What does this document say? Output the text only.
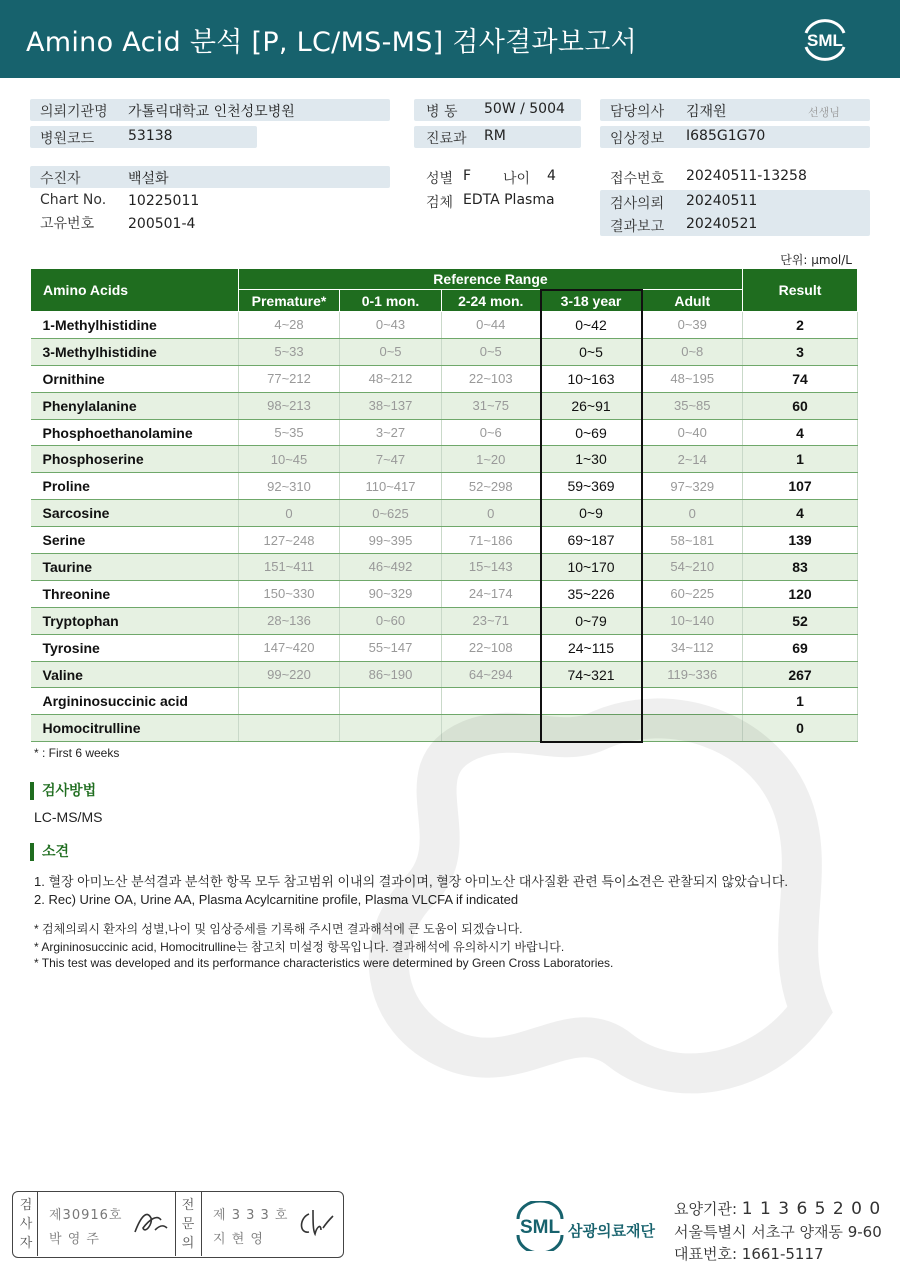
Amino Acid 분석 [P, LC/MS-MS] 검사결과보고서	SML
의뢰기관명 가톨릭대학교 인천성모병원
병원코드 53138
병 동 50W / 5004
진료과 RM
담당의사 김재원	선생님
임상정보 I685G1G70
수진자	백설화
Chart No. 10225011
고유번호 200501-4
성별 F 나이 4
검체 EDTA Plasma
접수번호 20240511-13258
검사의뢰 20240511
결과보고 20240521
단위: μmol/L
Amino Acids	Reference Range					Result
	Premature*	0-1 mon.	2-24 mon.	3-18 year	Adult	
1-Methylhistidine	4~28	0~43	0~44	0~42	0~39	2
3-Methylhistidine	5~33	0~5	0~5	0~5	0~8	3
Ornithine	77~212	48~212	22~103	10~163	48~195	74
Phenylalanine	98~213	38~137	31~75	26~91	35~85	60
Phosphoethanolamine	5~35	3~27	0~6	0~69	0~40	4
Phosphoserine	10~45	7~47	1~20	1~30	2~14	1
Proline	92~310	110~417	52~298	59~369	97~329	107
Sarcosine	0	0~625	0	0~9	0	4
Serine	127~248	99~395	71~186	69~187	58~181	139
Taurine	151~411	46~492	15~143	10~170	54~210	83
Threonine	150~330	90~329	24~174	35~226	60~225	120
Tryptophan	28~136	0~60	23~71	0~79	10~140	52
Tyrosine	147~420	55~147	22~108	24~115	34~112	69
Valine	99~220	86~190	64~294	74~321	119~336	267
Argininosuccinic acid						1
Homocitrulline						0
* : First 6 weeks
검사방법
LC-MS/MS
소견
1. 혈장 아미노산 분석결과 분석한 항목 모두 참고범위 이내의 결과이며, 혈장 아미노산 대사질환 관련 특이소견은 관찰되지 않았습니다.
2. Rec) Urine OA, Urine AA, Plasma Acylcarnitine profile, Plasma VLCFA if indicated
* 검체의뢰시 환자의 성별,나이 및 임상증세를 기록해 주시면 결과해석에 큰 도움이 되겠습니다.
* Argininosuccinic acid, Homocitrulline는 참고치 미설정 항목입니다. 결과해석에 유의하시기 바랍니다.
* This test was developed and its performance characteristics were determined by Green Cross Laboratories.
검
사
자
제30916호
박 영 주
전
문
의
제 3 3 3 호
지 현 영
SML 삼광의료재단
요양기관: 1 1 3 6 5 2 0 0
서울특별시 서초구 양재동 9-60
대표번호: 1661-5117
